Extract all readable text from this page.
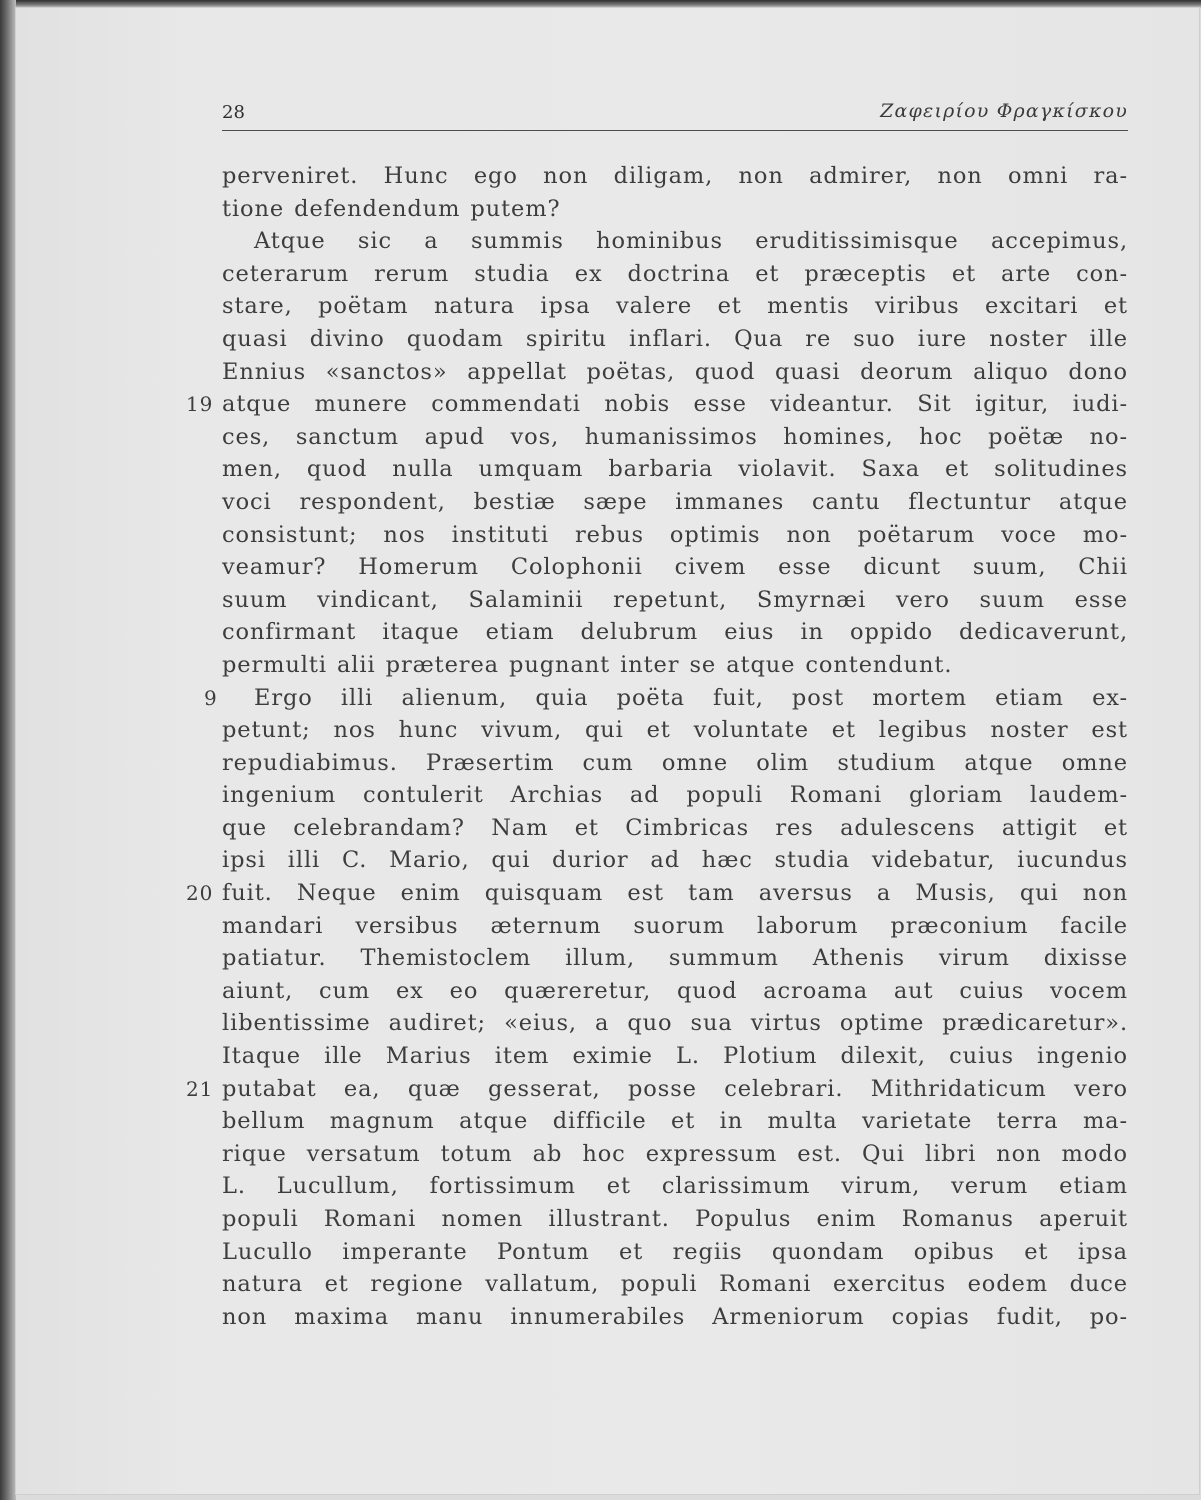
28	Ζαφειρίου Φραγκίσκου
perveniret. Hunc ego non diligam, non admirer, non omni ra-
tione defendendum putem?
Atque sic a summis hominibus eruditissimisque accepimus,
ceterarum rerum studia ex doctrina et præceptis et arte con-
stare, poëtam natura ipsa valere et mentis viribus excitari et
quasi divino quodam spiritu inflari. Qua re suo iure noster ille
Ennius «sanctos» appellat poëtas, quod quasi deorum aliquo dono
19 atque munere commendati nobis esse videantur. Sit igitur, iudi-
ces, sanctum apud vos, humanissimos homines, hoc poëtæ no-
men, quod nulla umquam barbaria violavit. Saxa et solitudines
voci respondent, bestiæ sæpe immanes cantu flectuntur atque
consistunt; nos instituti rebus optimis non poëtarum voce mo-
veamur? Homerum Colophonii civem esse dicunt suum, Chii
suum vindicant, Salaminii repetunt, Smyrnæi vero suum esse
confirmant itaque etiam delubrum eius in oppido dedicaverunt,
permulti alii præterea pugnant inter se atque contendunt.
9	Ergo illi alienum, quia poëta fuit, post mortem etiam ex-
petunt; nos hunc vivum, qui et voluntate et legibus noster est
repudiabimus. Præsertim cum omne olim studium atque omne
ingenium contulerit Archias ad populi Romani gloriam laudem-
que celebrandam? Nam et Cimbricas res adulescens attigit et
ipsi illi C. Mario, qui durior ad hæc studia videbatur, iucundus
20 fuit. Neque enim quisquam est tam aversus a Musis, qui non
mandari versibus æternum suorum laborum præconium facile
patiatur. Themistoclem illum, summum Athenis virum dixisse
aiunt, cum ex eo quæreretur, quod acroama aut cuius vocem
libentissime audiret; «eius, a quo sua virtus optime prædicaretur».
Itaque ille Marius item eximie L. Plotium dilexit, cuius ingenio
21 putabat ea, quæ gesserat, posse celebrari. Mithridaticum vero
bellum magnum atque difficile et in multa varietate terra ma-
rique versatum totum ab hoc expressum est. Qui libri non modo
L. Lucullum, fortissimum et clarissimum virum, verum etiam
populi Romani nomen illustrant. Populus enim Romanus aperuit
Lucullo imperante Pontum et regiis quondam opibus et ipsa
natura et regione vallatum, populi Romani exercitus eodem duce
non maxima manu innumerabiles Armeniorum copias fudit, po-
